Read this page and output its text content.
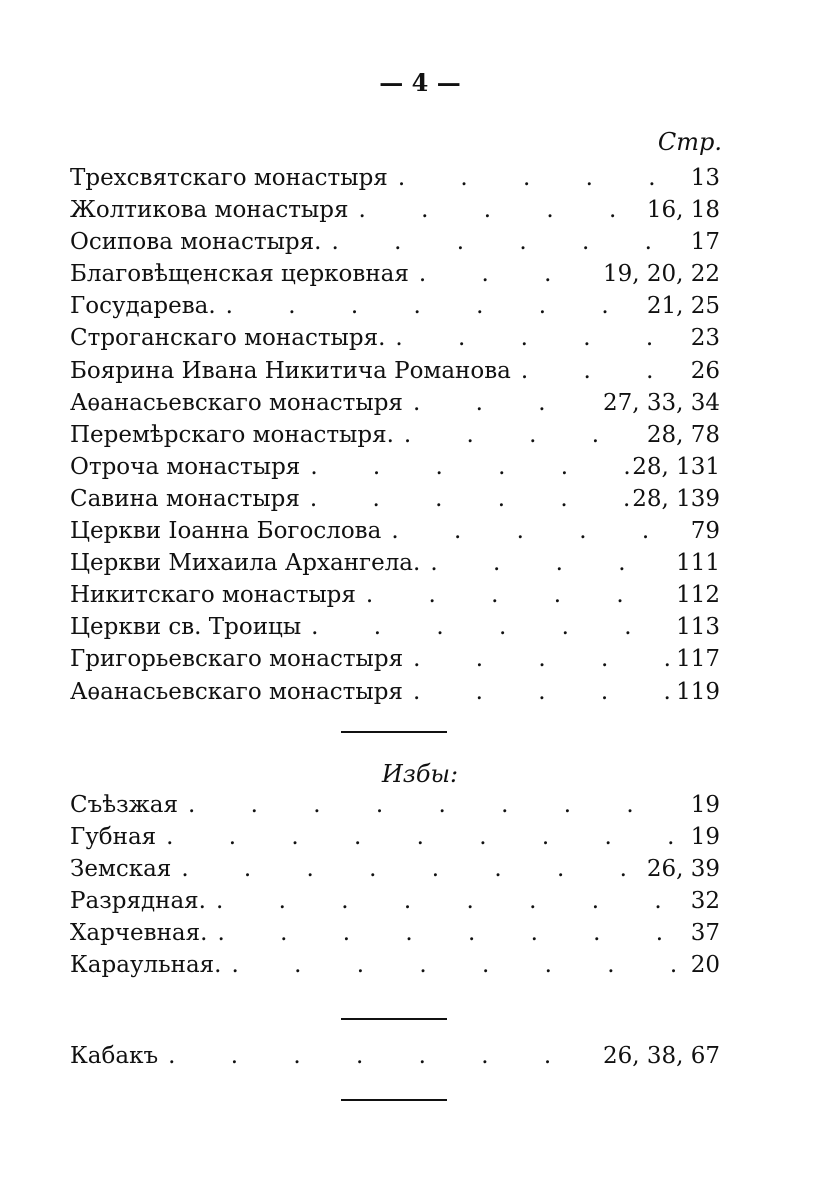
— 4 —
Стр.
Трехсвятскаго монастыря . . .	13
Жолтикова монастыря . . .	16, 18
Осипова монастыря. . . .	17
Благовѣщенская церковная . . .	19, 20, 22
Государева. . . .	21, 25
Строганскаго монастыря. . . .	23
Боярина Ивана Никитича Романова . . .	26
Аѳанасьевскаго монастыря . . .	27, 33, 34
Перемѣрскаго монастыря. . . .	28, 78
Отроча монастыря . . .	28, 131
Савина монастыря . . .	28, 139
Церкви Іоанна Богослова . . .	79
Церкви Михаила Архангела. . . .	111
Никитскаго монастыря . . .	112
Церкви св. Троицы . . .	113
Григорьевскаго монастыря . . .	117
Аѳанасьевскаго монастыря . . .	119
Избы:
Съѣзжая . . .	19
Губная . . .	19
Земская . . .	26, 39
Разрядная. . . .	32
Харчевная. . . .	37
Караульная. . . .	20
Кабакъ . . .	26, 38, 67
